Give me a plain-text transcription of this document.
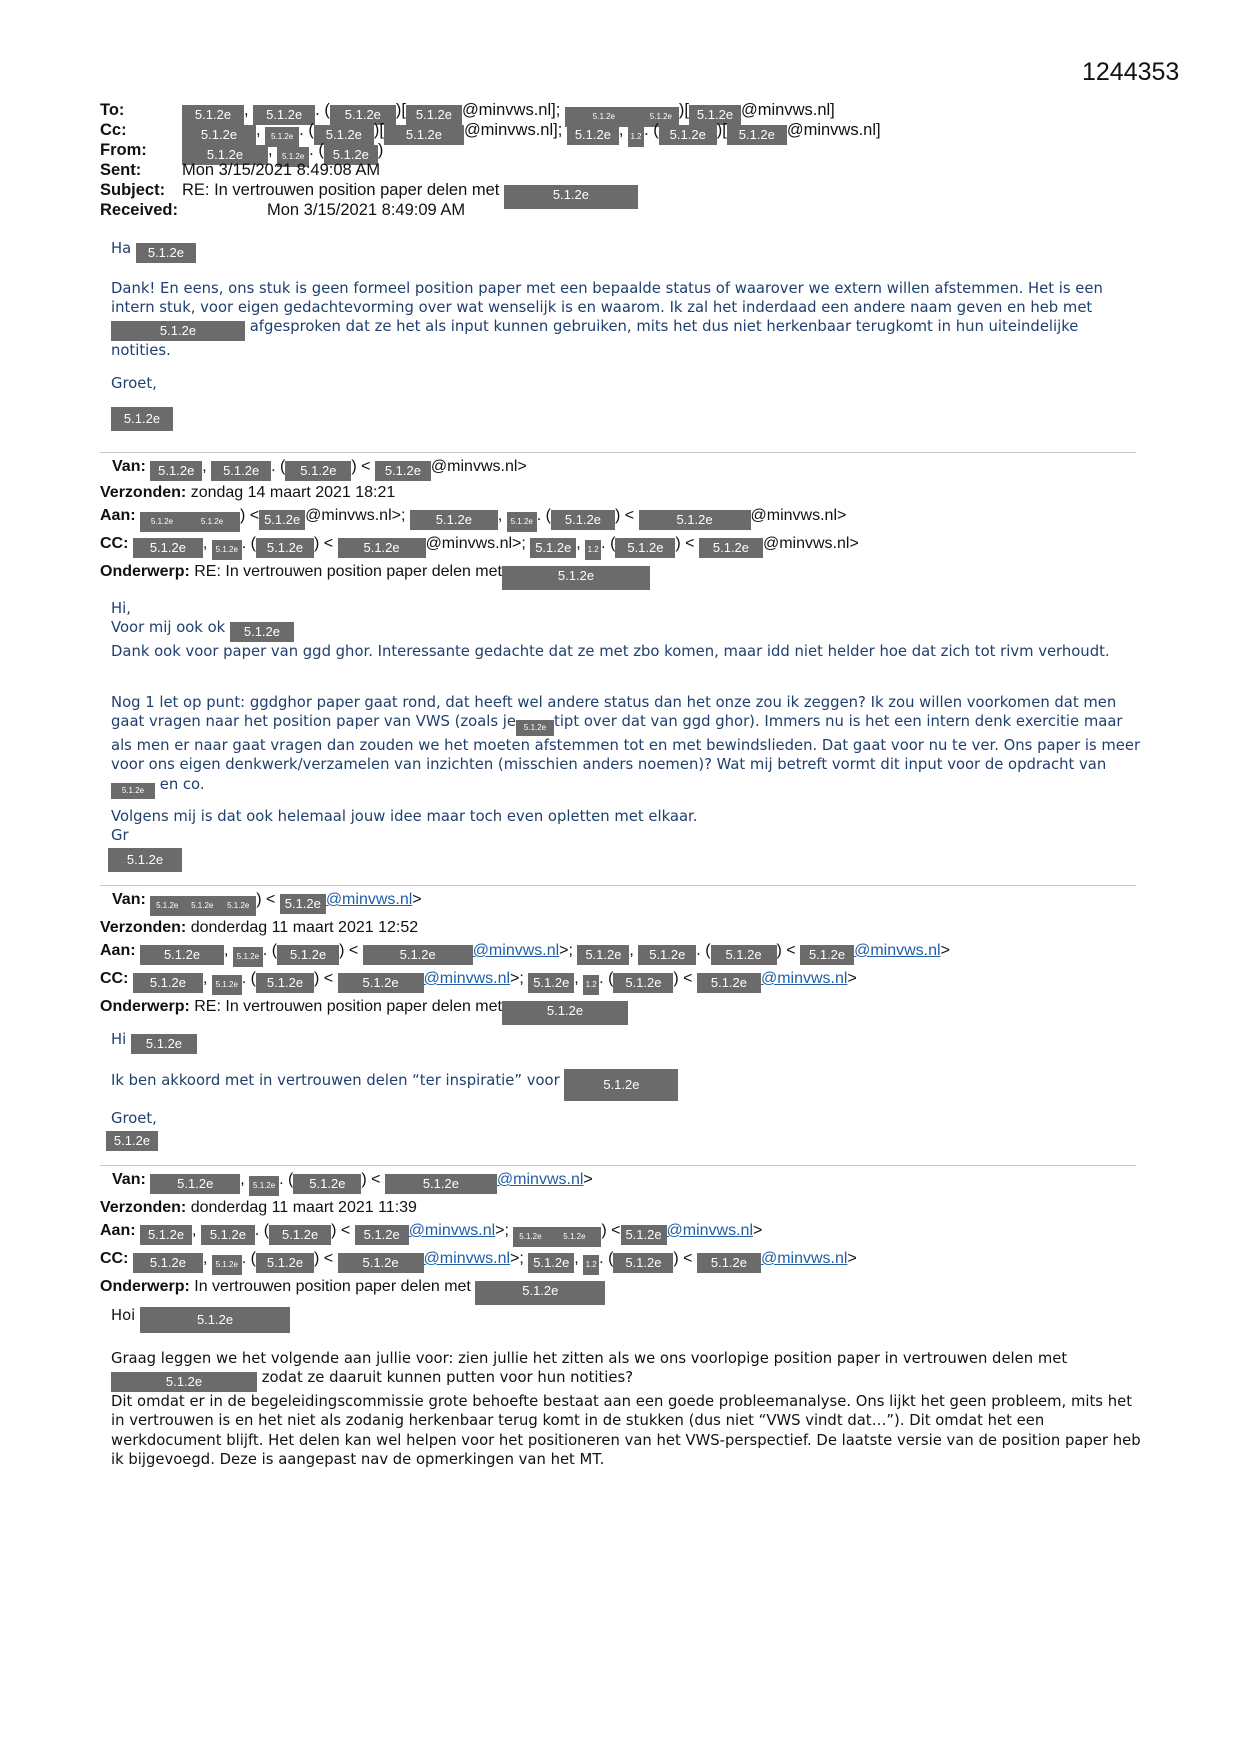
1244353
To:	5.1.2e , 5.1.2e . ( 5.1.2e )[ 5.1.2e @minvws.nl];	5.1.2e	5.1.2e )[ 5.1.2e @minvws.nl]
Cc:	5.1.2e , 5.1.2e . ( 5.1.2e )[ 5.1.2e @minvws.nl]; 5.1.2e , 1.2 . ( 5.1.2e )[ 5.1.2e @minvws.nl]
From:	5.1.2e , 5.1.2e . ( 5.1.2e )
Sent: Mon 3/15/2021 8:49:08 AM
Subject: RE: In vertrouwen position paper delen met	5.1.2e
Received:	Mon 3/15/2021 8:49:09 AM
Ha 5.1.2e

Dank! En eens, ons stuk is geen formeel position paper met een bepaalde status of waarover we extern willen afstemmen. Het is een intern stuk, voor eigen gedachtevorming over wat wenselijk is en waarom. Ik zal het inderdaad een andere naam geven en heb met 5.1.2e	afgesproken dat ze het als input kunnen gebruiken, mits het dus niet herkenbaar terugkomt in hun uiteindelijke notities.

Groet,
5.1.2e
Van: 5.1.2e , 5.1.2e . ( 5.1.2e ) < 5.1.2e @minvws.nl>
Verzonden: zondag 14 maart 2021 18:21
Aan: 5.1.2e	5.1.2e ) < 5.1.2e @minvws.nl>; 5.1.2e , 5.1.2e . ( 5.1.2e ) <	5.1.2e @minvws.nl>
CC: 5.1.2e , 5.1.2e . ( 5.1.2e ) < 5.1.2e @minvws.nl>; 5.1.2e , 1.2 . ( 5.1.2e ) < 5.1.2e @minvws.nl>
Onderwerp: RE: In vertrouwen position paper delen met	5.1.2e

Hi,

Voor mij ook ok 5.1.2e

Dank ook voor paper van ggd ghor. Interessante gedachte dat ze met zbo komen, maar idd niet helder hoe dat zich tot rivm verhoudt.

Nog 1 let op punt: ggdghor paper gaat rond, dat heeft wel andere status dan het onze zou ik zeggen? Ik zou willen voorkomen dat men gaat vragen naar het position paper van VWS (zoals je 5.1.2e tipt over dat van ggd ghor). Immers nu is het een intern denk exercitie maar als men er naar gaat vragen dan zouden we het moeten afstemmen tot en met bewindslieden. Dat gaat voor nu te ver. Ons paper is meer voor ons eigen denkwerk/verzamelen van inzichten (misschien anders noemen)? Wat mij betreft vormt dit input voor de opdracht van 5.1.2e en co.

Volgens mij is dat ook helemaal jouw idee maar toch even opletten met elkaar.

Gr

5.1.2e
Van: 5.1.2e 5.1.2e 5.1.2e ) < 5.1.2e @minvws.nl>
Verzonden: donderdag 11 maart 2021 12:52
Aan: 5.1.2e , 5.1.2e . ( 5.1.2e ) <	5.1.2e @minvws.nl>; 5.1.2e , 5.1.2e . ( 5.1.2e ) < 5.1.2e @minvws.nl>
CC: 5.1.2e , 5.1.2e . ( 5.1.2e ) < 5.1.2e @minvws.nl>; 5.1.2e , 1.2 . ( 5.1.2e ) < 5.1.2e @minvws.nl>
Onderwerp: RE: In vertrouwen position paper delen met	5.1.2e
Hi 5.1.2e
Ik ben akkoord met in vertrouwen delen “ter inspiratie” voor	5.1.2e
Groet,
5.1.2e
Van: 5.1.2e , 5.1.2e . ( 5.1.2e ) <	5.1.2e @minvws.nl>
Verzonden: donderdag 11 maart 2021 11:39
Aan: 5.1.2e , 5.1.2e . ( 5.1.2e ) < 5.1.2e @minvws.nl>; 5.1.2e	5.1.2e ) < 5.1.2e @minvws.nl>
CC: 5.1.2e , 5.1.2e . ( 5.1.2e ) < 5.1.2e @minvws.nl>; 5.1.2e , 1.2 . ( 5.1.2e ) < 5.1.2e @minvws.nl>
Onderwerp: In vertrouwen position paper delen met	5.1.2e
Hoi	5.1.2e

Graag leggen we het volgende aan jullie voor: zien jullie het zitten als we ons voorlopige position paper in vertrouwen delen met 5.1.2e	zodat ze daaruit kunnen putten voor hun notities?

Dit omdat er in de begeleidingscommissie grote behoefte bestaat aan een goede probleemanalyse. Ons lijkt het geen probleem, mits het in vertrouwen is en het niet als zodanig herkenbaar terug komt in de stukken (dus niet “VWS vindt dat…”). Dit omdat het een werkdocument blijft. Het delen kan wel helpen voor het positioneren van het VWS-perspectief. De laatste versie van de position paper heb ik bijgevoegd. Deze is aangepast nav de opmerkingen van het MT.
